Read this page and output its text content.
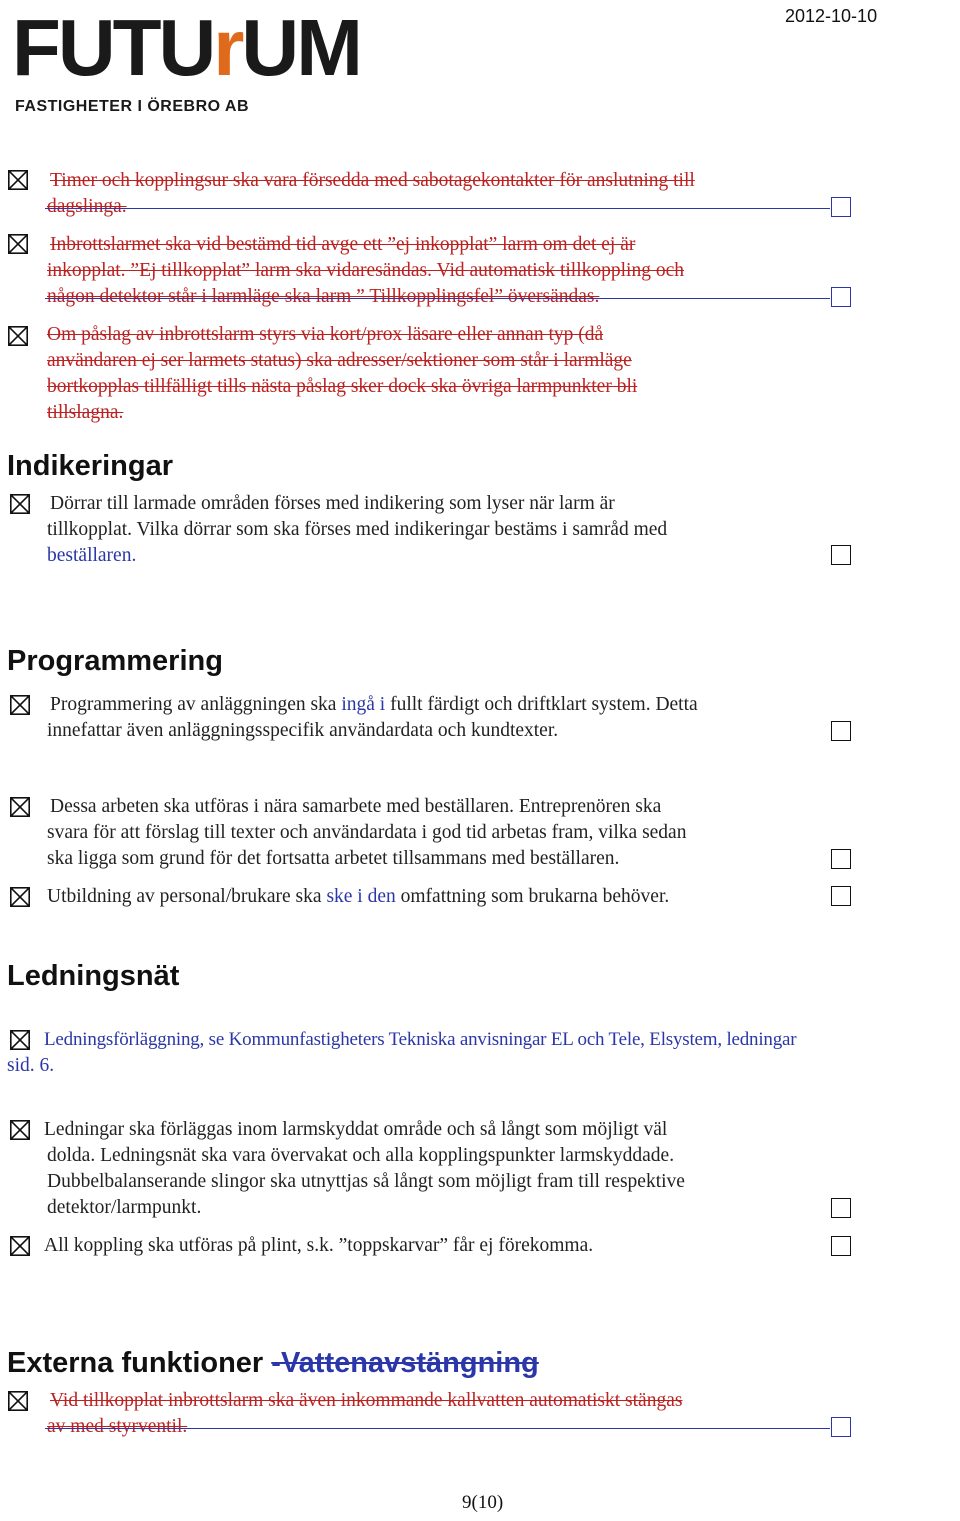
FUTUrUM
FASTIGHETER I ÖREBRO AB
2012-10-10
Timer och kopplingsur ska vara försedda med sabotagekontakter för anslutning till
dagslinga.
Inbrottslarmet ska vid bestämd tid avge ett ”ej inkopplat” larm om det ej är
inkopplat. ”Ej tillkopplat” larm ska vidaresändas. Vid automatisk tillkoppling och
någon detektor står i larmläge ska larm ” Tillkopplingsfel” översändas.
Om påslag av inbrottslarm styrs via kort/prox läsare eller annan typ (då
användaren ej ser larmets status) ska adresser/sektioner som står i larmläge
bortkopplas tillfälligt tills nästa påslag sker dock ska övriga larmpunkter bli
tillslagna.
Indikeringar
Dörrar till larmade områden förses med indikering som lyser när larm är
tillkopplat. Vilka dörrar som ska förses med indikeringar bestäms i samråd med
beställaren.
Programmering
Programmering av anläggningen ska ingå i fullt färdigt och driftklart system. Detta
innefattar även anläggningsspecifik användardata och kundtexter.
Dessa arbeten ska utföras i nära samarbete med beställaren. Entreprenören ska
svara för att förslag till texter och användardata i god tid arbetas fram, vilka sedan
ska ligga som grund för det fortsatta arbetet tillsammans med beställaren.
Utbildning av personal/brukare ska ske i den omfattning som brukarna behöver.
Ledningsnät
Ledningsförläggning, se Kommunfastigheters Tekniska anvisningar EL och Tele, Elsystem, ledningar
sid. 6.
Ledningar ska förläggas inom larmskyddat område och så långt som möjligt väl
dolda. Ledningsnät ska vara övervakat och alla kopplingspunkter larmskyddade.
Dubbelbalanserande slingor ska utnyttjas så långt som möjligt fram till respektive
detektor/larmpunkt.
All koppling ska utföras på plint, s.k. ”toppskarvar” får ej förekomma.
Externa funktioner -Vattenavstängning
Vid tillkopplat inbrottslarm ska även inkommande kallvatten automatiskt stängas
av med styrventil.
9(10)
